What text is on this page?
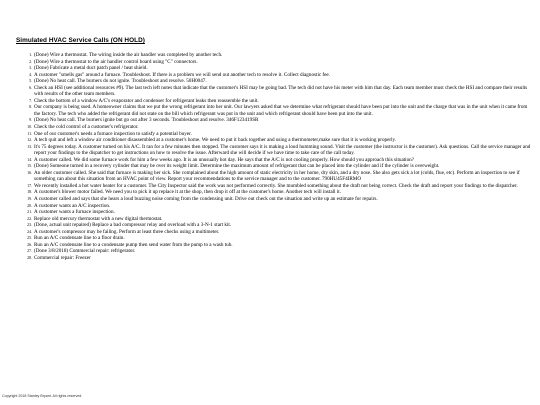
Simulated HVAC Service Calls (ON HOLD)
1. (Done) Wire a thermostat. The wiring inside the air handler was completed by another tech.
2. (Done) Wire a thermostat to the air handler control board using "C" connectors.
3. (Done) Fabricate a metal duct patch panel / heat shield.
4. A customer "smells gas" around a furnace. Troubleshoot. If there is a problem we will send out another tech to resolve it. Collect diagnostic fee.
5. (Done) No heat call. The burners do not ignite. Troubleshoot and resolve. 50H0047.
6. Check an HSI (see additional resources #9). The last tech left notes that indicate that the customer's HSI may be going bad. The tech did not have his meter with him that day. Each team member must check the HSI and compare their results with results of the other team members.
7. Check the bottom of a window A/C's evaporator and condenser for refrigerant leaks then reassemble the unit.
8. Our company is being sued. A homeowner claims that we put the wrong refrigerant into her unit. Our lawyers asked that we determine what refrigerant should have been put into the unit and the charge that was in the unit when it came from the factory. The tech who added the refrigerant did not state on the bill which refrigerant was put in the unit and which refrigerant should have been put into the unit.
9. (Done) No heat call. The burners ignite but go out after 3 seconds. Troubleshoot and resolve. 346F123419SR
10. Check the cold control of a customer's refrigerator.
11. One of our customer's needs a furnace inspection to satisfy a potential buyer.
12. A tech quit and left a window air conditioner disassembled at a customer's home. We need to put it back together and using a thermometer,make sure that it is working properly.
13. It's 75 degrees today. A customer turned on his A/C. It ran for a few minutes then stopped. The customer says it is making a loud humming sound. Visit the customer (the instructor is the customer). Ask questions. Call the service manager and report your findings to the dispatcher to get instructions on how to resolve the issue. Afterward she will decide if we have time to take care of the call today.
14. A customer called. We did some furnace work for him a few weeks ago. It is an unusually hot day. He says that the A/C is not cooling properly. How should you approach this situation?
15. (Done) Someone turned in a recovery cylinder that may be over its weight limit. Determine the maximum amount of refrigerant that can be placed into the cylinder and if the cylinder is overweight.
16. An older customer called. She said that furnace is making her sick. She complained about the high amount of static electricity in her home, dry skin, and a dry nose. She also gets sick a lot (colds, flue, etc). Perform an inspection to see if something can about this situation from an HVAC point of view. Report your recommendations to the service manager and to the customer. 790HU45F4IRMO
17. We recently installed a hot water heater for a customer. The City Inspector said the work was not performed correctly. She mumbled something about the draft not being correct. Check the draft and report your findings to the dispatcher.
18. A customer's blower motor failed. We need you to pick it up replace it at the shop, then drop it off at the customer's home. Another tech will install it.
19. A customer called and says that she hears a loud buzzing noise coming from the condensing unit. Drive out check out the situation and write up an estimate for repairs.
20. A customer wants an A/C inspection.
21. A customer wants a furnace inspection.
22. Replace old mercury thermostat with a new digital thermostat.
23. (Done, actual unit repaired) Replace a bad compressor relay and overload with a 3-N-1 start kit.
24. A customer's compressor may be failing. Perform at least three checks using a multimeter.
25. Run an A/C condensate line to a floor drain.
26. Run an A/C condensate line to a condensate pump then send water from the pump to a wash tub.
27. (Done 3/8/2018) Commercial repair: refrigerator.
28. Commercial repair: Freezer
Copyright 2018 Stanley Bryant. All rights reserved.
